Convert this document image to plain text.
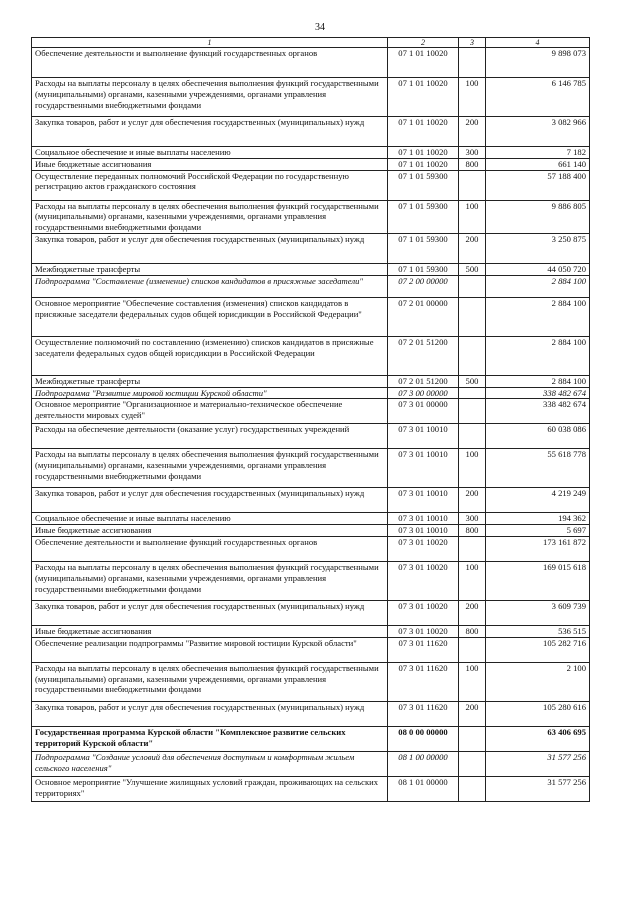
34
1	2	3	4
Обеспечение деятельности и выполнение функций государственных органов	07 1 01 10020		9 898 073
Расходы на выплаты персоналу в целях обеспечения выполнения функций государственными (муниципальными) органами, казенными учреждениями, органами управления государственными внебюджетными фондами	07 1 01 10020	100	6 146 785
Закупка товаров, работ и услуг для обеспечения государственных (муниципальных) нужд	07 1 01 10020	200	3 082 966
Социальное обеспечение и иные выплаты населению	07 1 01 10020	300	7 182
Иные бюджетные ассигнования	07 1 01 10020	800	661 140
Осуществление переданных полномочий Российской Федерации по государственную регистрацию актов гражданского состояния	07 1 01 59300		57 188 400
Расходы на выплаты персоналу в целях обеспечения выполнения функций государственными (муниципальными) органами, казенными учреждениями, органами управления государственными внебюджетными фондами	07 1 01 59300	100	9 886 805
Закупка товаров, работ и услуг для обеспечения государственных (муниципальных) нужд	07 1 01 59300	200	3 250 875
Межбюджетные трансферты	07 1 01 59300	500	44 050 720
Подпрограмма "Составление (изменение) списков кандидатов в присяжные заседатели"	07 2 00 00000		2 884 100
Основное мероприятие "Обеспечение составления (изменения) списков кандидатов в присяжные заседатели федеральных судов общей юрисдикции в Российской Федерации"	07 2 01 00000		2 884 100
Осуществление полномочий по составлению (изменению) списков кандидатов в присяжные заседатели федеральных судов общей юрисдикции в Российской Федерации	07 2 01 51200		2 884 100
Межбюджетные трансферты	07 2 01 51200	500	2 884 100
Подпрограмма "Развитие мировой юстиции Курской области"	07 3 00 00000		338 482 674
Основное мероприятие "Организационное и материально-техническое обеспечение деятельности мировых судей"	07 3 01 00000		338 482 674
Расходы на обеспечение деятельности (оказание услуг) государственных учреждений	07 3 01 10010		60 038 086
Расходы на выплаты персоналу в целях обеспечения выполнения функций государственными (муниципальными) органами, казенными учреждениями, органами управления государственными внебюджетными фондами	07 3 01 10010	100	55 618 778
Закупка товаров, работ и услуг для обеспечения государственных (муниципальных) нужд	07 3 01 10010	200	4 219 249
Социальное обеспечение и иные выплаты населению	07 3 01 10010	300	194 362
Иные бюджетные ассигнования	07 3 01 10010	800	5 697
Обеспечение деятельности и выполнение функций государственных органов	07 3 01 10020		173 161 872
Расходы на выплаты персоналу в целях обеспечения выполнения функций государственными (муниципальными) органами, казенными учреждениями, органами управления государственными внебюджетными фондами	07 3 01 10020	100	169 015 618
Закупка товаров, работ и услуг для обеспечения государственных (муниципальных) нужд	07 3 01 10020	200	3 609 739
Иные бюджетные ассигнования	07 3 01 10020	800	536 515
Обеспечение реализации подпрограммы "Развитие мировой юстиции Курской области"	07 3 01 11620		105 282 716
Расходы на выплаты персоналу в целях обеспечения выполнения функций государственными (муниципальными) органами, казенными учреждениями, органами управления государственными внебюджетными фондами	07 3 01 11620	100	2 100
Закупка товаров, работ и услуг для обеспечения государственных (муниципальных) нужд	07 3 01 11620	200	105 280 616
Государственная программа Курской области "Комплексное развитие сельских территорий Курской области"	08 0 00 00000		63 406 695
Подпрограмма "Создание условий для обеспечения доступным и комфортным жильем сельского населения"	08 1 00 00000		31 577 256
Основное мероприятие "Улучшение жилищных условий граждан, проживающих на сельских территориях"	08 1 01 00000		31 577 256
